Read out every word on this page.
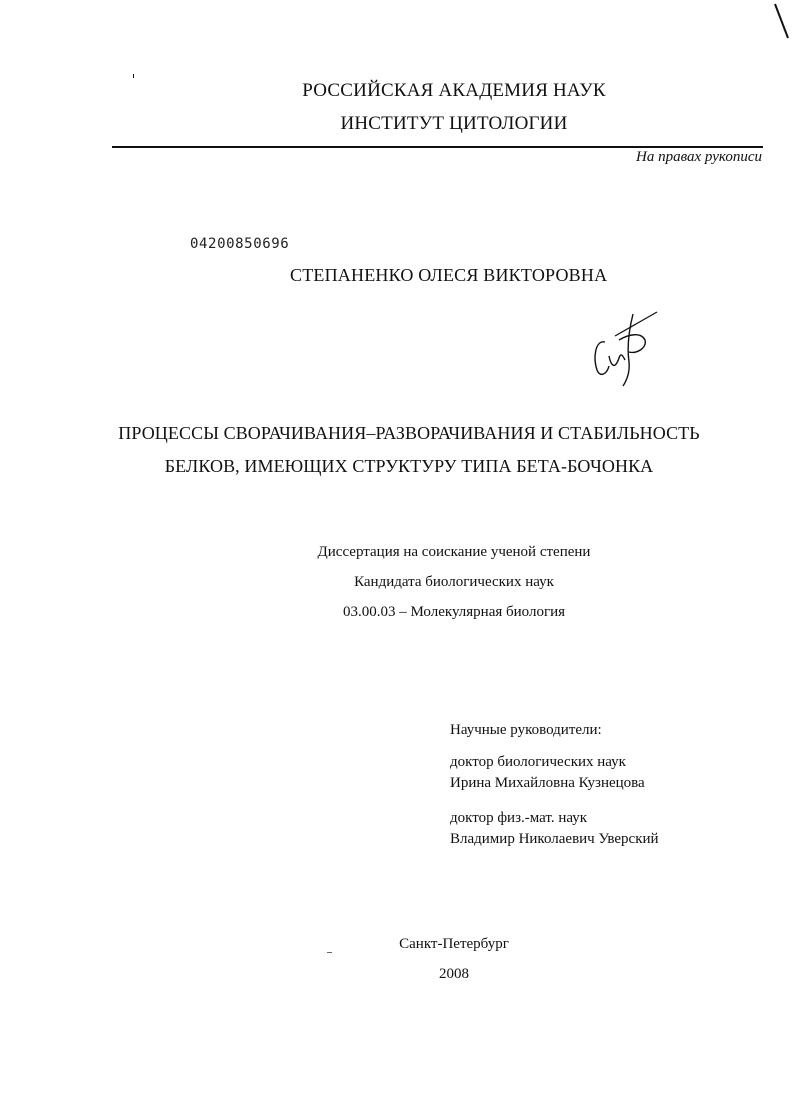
РОССИЙСКАЯ АКАДЕМИЯ НАУК
ИНСТИТУТ ЦИТОЛОГИИ
На правах рукописи
04200850696
СТЕПАНЕНКО ОЛЕСЯ ВИКТОРОВНА
ПРОЦЕССЫ СВОРАЧИВАНИЯ–РАЗВОРАЧИВАНИЯ И СТАБИЛЬНОСТЬ
БЕЛКОВ, ИМЕЮЩИХ СТРУКТУРУ ТИПА БЕТА-БОЧОНКА
Диссертация на соискание ученой степени
Кандидата биологических наук
03.00.03 – Молекулярная биология
Научные руководители:
доктор биологических наук
Ирина Михайловна Кузнецова
доктор физ.-мат. наук
Владимир Николаевич Уверский
Санкт-Петербург
2008
